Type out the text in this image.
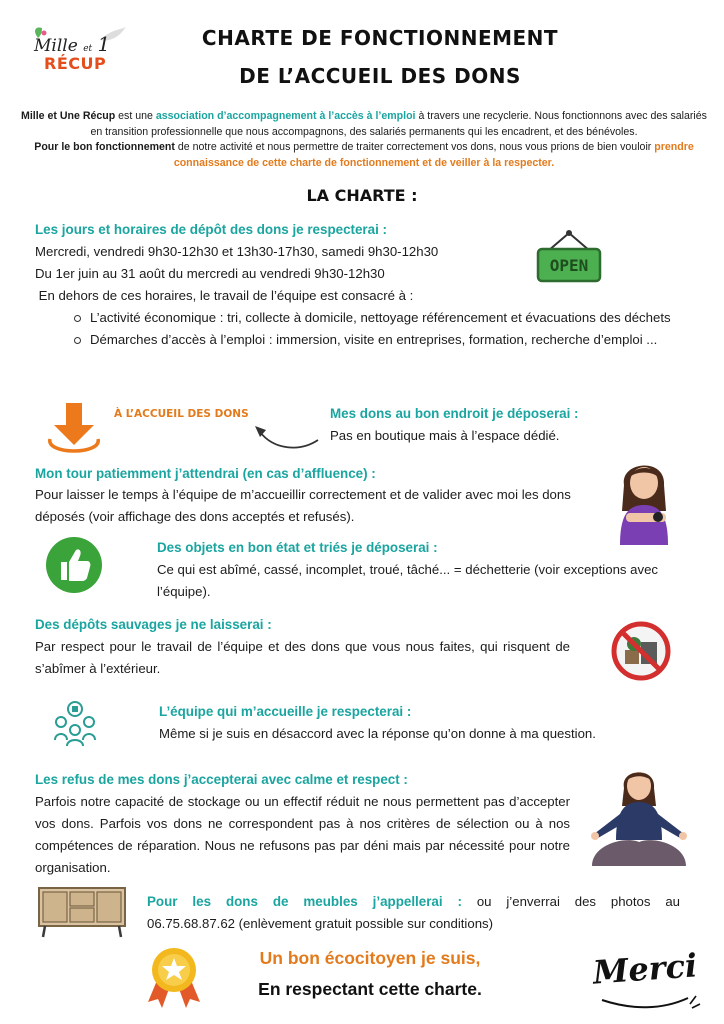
Mille et 1
RÉCUP
CHARTE DE FONCTIONNEMENT
DE L’ACCUEIL DES DONS
Mille et Une Récup est une association d’accompagnement à l’accès à l’emploi à travers une recyclerie. Nous fonctionnons avec des salariés en transition professionnelle que nous accompagnons, des salariés permanents qui les encadrent, et des bénévoles.
Pour le bon fonctionnement de notre activité et nous permettre de traiter correctement vos dons, nous vous prions de bien vouloir prendre connaissance de cette charte de fonctionnement et de veiller à la respecter.
LA CHARTE :
Les jours et horaires de dépôt des dons je respecterai :
Mercredi, vendredi 9h30-12h30 et 13h30-17h30, samedi 9h30-12h30
Du 1er juin au 31 août du mercredi au vendredi 9h30-12h30
En dehors de ces horaires, le travail de l’équipe est consacré à :
L’activité économique : tri, collecte à domicile, nettoyage référencement et évacuations des déchets
Démarches d’accès à l’emploi : immersion, visite en entreprises, formation, recherche d’emploi ...
OPEN
À L’ACCUEIL DES DONS	Mes dons au bon endroit je déposerai :
Pas en boutique mais à l’espace dédié.
Mon tour patiemment j’attendrai (en cas d’affluence) :
Pour laisser le temps à l’équipe de m’accueillir correctement et de valider avec moi les dons déposés (voir affichage des dons acceptés et refusés).
Des objets en bon état et triés je déposerai :
Ce qui est abîmé, cassé, incomplet, troué, tâché... = déchetterie (voir exceptions avec l’équipe).
Des dépôts sauvages je ne laisserai :
Par respect pour le travail de l’équipe et des dons que vous nous faites, qui risquent de s’abîmer à l’extérieur.
L’équipe qui m’accueille je respecterai :
Même si je suis en désaccord avec la réponse qu’on donne à ma question.
Les refus de mes dons j’accepterai avec calme et respect :
Parfois notre capacité de stockage ou un effectif réduit ne nous permettent pas d’accepter vos dons. Parfois vos dons ne correspondent pas à nos critères de sélection ou à nos compétences de réparation. Nous ne refusons pas par déni mais par nécessité pour notre organisation.
Pour les dons de meubles j’appellerai : ou j’enverrai des photos au
06.75.68.87.62 (enlèvement gratuit possible sur conditions)
Un bon écocitoyen je suis,
En respectant cette charte.	Merci
